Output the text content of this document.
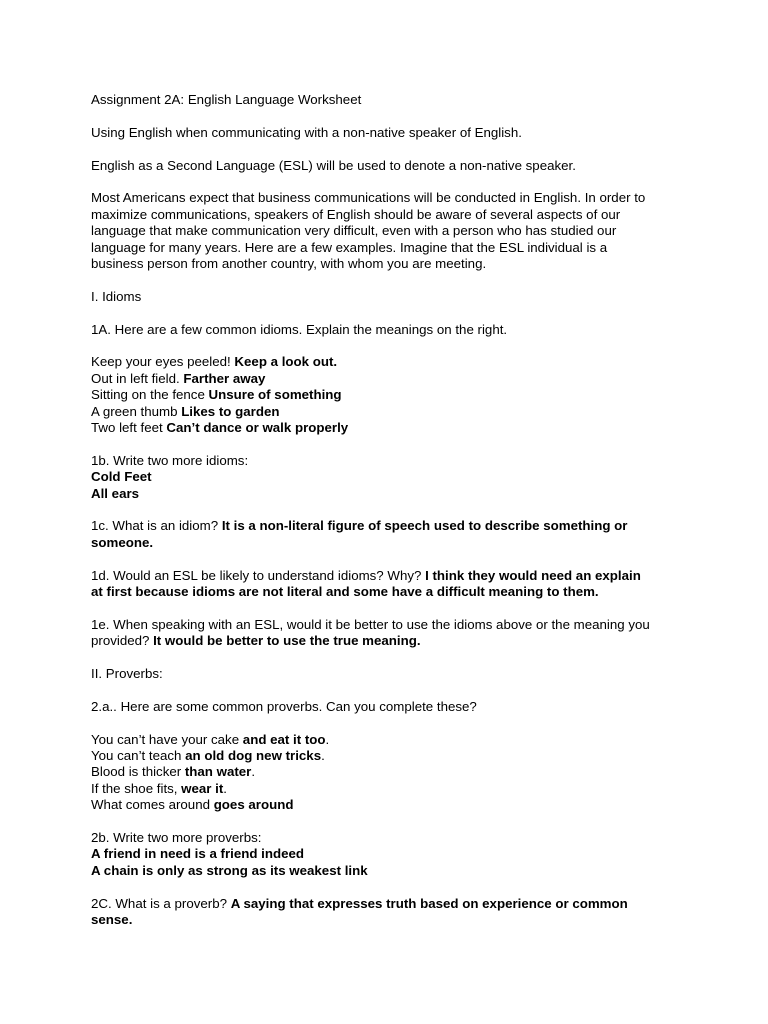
Assignment 2A: English Language Worksheet
Using English when communicating with a non-native speaker of English.
English as a Second Language (ESL) will be used to denote a non-native speaker.
Most Americans expect that business communications will be conducted in English. In order to
maximize communications, speakers of English should be aware of several aspects of our
language that make communication very difficult, even with a person who has studied our
language for many years. Here are a few examples. Imagine that the ESL individual is a
business person from another country, with whom you are meeting.
I. Idioms
1A. Here are a few common idioms. Explain the meanings on the right.
Keep your eyes peeled! Keep a look out.
Out in left field. Farther away
Sitting on the fence Unsure of something
A green thumb Likes to garden
Two left feet Can’t dance or walk properly
1b. Write two more idioms:
Cold Feet
All ears
1c. What is an idiom? It is a non-literal figure of speech used to describe something or
someone.
1d. Would an ESL be likely to understand idioms? Why? I think they would need an explain
at first because idioms are not literal and some have a difficult meaning to them.
1e. When speaking with an ESL, would it be better to use the idioms above or the meaning you
provided? It would be better to use the true meaning.
II. Proverbs:
2.a.. Here are some common proverbs. Can you complete these?
You can’t have your cake and eat it too.
You can’t teach an old dog new tricks.
Blood is thicker than water.
If the shoe fits, wear it.
What comes around goes around
2b. Write two more proverbs:
A friend in need is a friend indeed
A chain is only as strong as its weakest link
2C. What is a proverb? A saying that expresses truth based on experience or common
sense.
